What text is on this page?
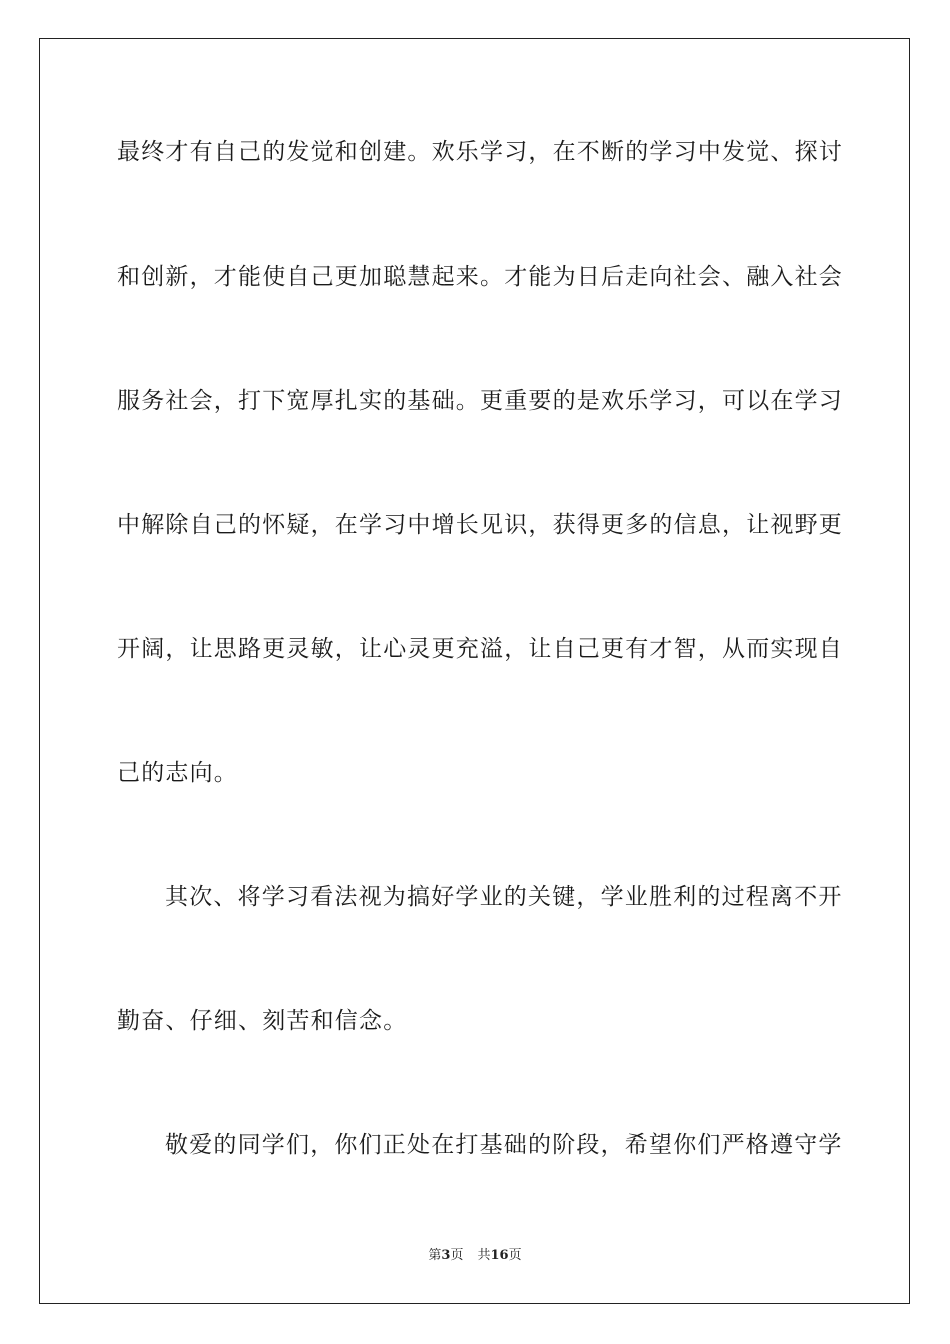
最终才有自己的发觉和创建。欢乐学习，在不断的学习中发觉、探讨
和创新，才能使自己更加聪慧起来。才能为日后走向社会、融入社会
服务社会，打下宽厚扎实的基础。更重要的是欢乐学习，可以在学习
中解除自己的怀疑，在学习中增长见识，获得更多的信息，让视野更
开阔，让思路更灵敏，让心灵更充溢，让自己更有才智，从而实现自
己的志向。
其次、将学习看法视为搞好学业的关键，学业胜利的过程离不开
勤奋、仔细、刻苦和信念。
敬爱的同学们，你们正处在打基础的阶段，希望你们严格遵守学
第3页 共16页
